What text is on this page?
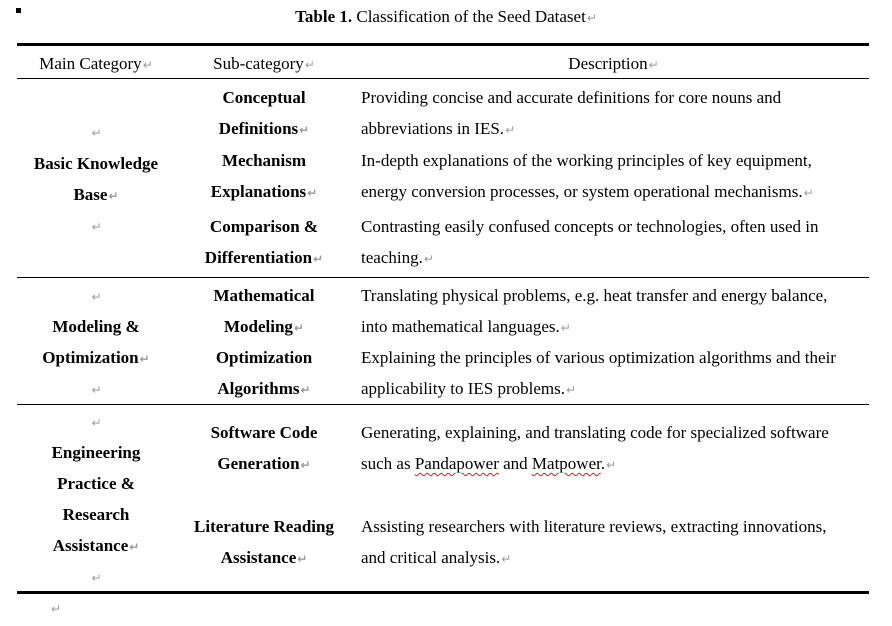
Table 1. Classification of the Seed Dataset↵
Main Category↵	Sub-category↵	Description↵
↵
Basic Knowledge
Base↵
↵
Conceptual
Definitions↵
Providing concise and accurate definitions for core nouns and
abbreviations in IES.↵
Mechanism
Explanations↵
In-depth explanations of the working principles of key equipment,
energy conversion processes, or system operational mechanisms.↵
Comparison &
Differentiation↵
Contrasting easily confused concepts or technologies, often used in
teaching.↵
↵
Modeling &
Optimization↵
↵
Mathematical
Modeling↵
Translating physical problems, e.g. heat transfer and energy balance,
into mathematical languages.↵
Optimization
Algorithms↵
Explaining the principles of various optimization algorithms and their
applicability to IES problems.↵
↵
Engineering
Practice &
Research
Assistance↵
↵
Software Code
Generation↵
Generating, explaining, and translating code for specialized software
such as Pandapower and Matpower.↵
Literature Reading
Assistance↵
Assisting researchers with literature reviews, extracting innovations,
and critical analysis.↵
↵
